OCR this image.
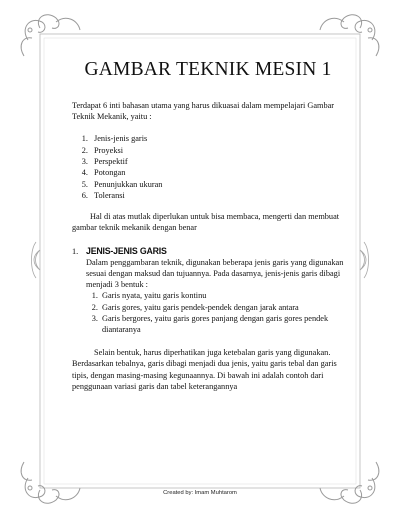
GAMBAR TEKNIK MESIN 1

Terdapat 6 inti bahasan utama yang harus dikuasai dalam mempelajari Gambar Teknik Mekanik, yaitu :

1. Jenis-jenis garis
2. Proyeksi
3. Perspektif
4. Potongan
5. Penunjukkan ukuran
6. Toleransi

Hal di atas mutlak diperlukan untuk bisa membaca, mengerti dan membuat gambar teknik mekanik dengan benar

1. JENIS-JENIS GARIS

Dalam penggambaran teknik, digunakan beberapa jenis garis yang digunakan sesuai dengan maksud dan tujuannya. Pada dasarnya, jenis-jenis garis dibagi menjadi 3 bentuk :

1. Garis nyata, yaitu garis kontinu
2. Garis gores, yaitu garis pendek-pendek dengan jarak antara
3. Garis bergores, yaitu garis gores panjang dengan garis gores pendek diantaranya

Selain bentuk, harus diperhatikan juga ketebalan garis yang digunakan. Berdasarkan tebalnya, garis dibagi menjadi dua jenis, yaitu garis tebal dan garis tipis, dengan masing-masing kegunaannya. Di bawah ini adalah contoh dari penggunaan variasi garis dan tabel keterangannya

Created by: Imam Muhtarom
